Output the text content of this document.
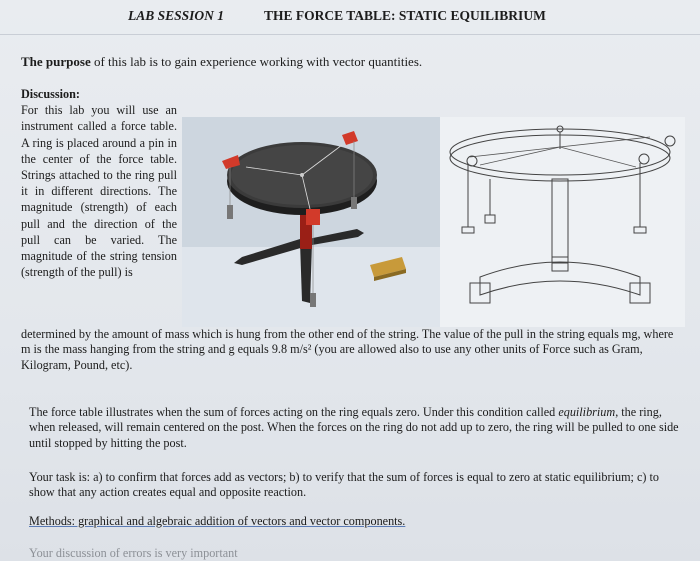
LAB SESSION 1	THE FORCE TABLE: STATIC EQUILIBRIUM
The purpose of this lab is to gain experience working with vector quantities.
Discussion:
For this lab you will use an instrument called a force table. A ring is placed around a pin in the center of the force table. Strings attached to the ring pull it in different directions. The magnitude (strength) of each pull and the direction of the pull can be varied. The magnitude of the string tension (strength of the pull) is
determined by the amount of mass which is hung from the other end of the string. The value of the pull in the string equals mg, where m is the mass hanging from the string and g equals 9.8 m/s² (you are allowed also to use any other units of Force such as Gram, Kilogram, Pound, etc).
The force table illustrates when the sum of forces acting on the ring equals zero. Under this condition called equilibrium, the ring, when released, will remain centered on the post. When the forces on the ring do not add up to zero, the ring will be pulled to one side until stopped by hitting the post.
Your task is: a) to confirm that forces add as vectors; b) to verify that the sum of forces is equal to zero at static equilibrium; c) to show that any action creates equal and opposite reaction.
Methods: graphical and algebraic addition of vectors and vector components.
Your discussion of errors is very important
